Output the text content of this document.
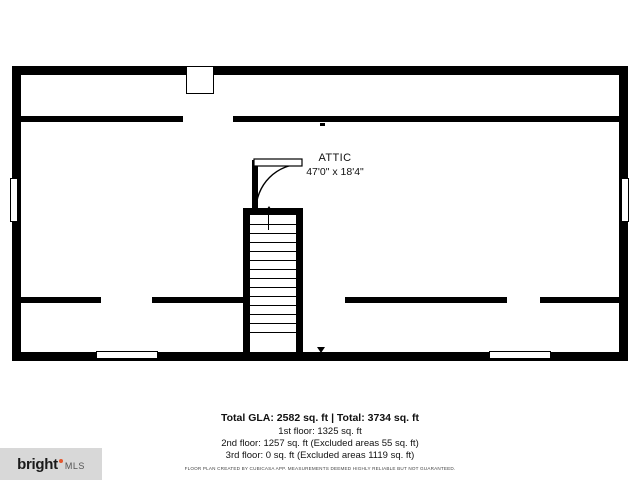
ATTIC
47'0" x 18'4"
Total GLA: 2582 sq. ft | Total: 3734 sq. ft
1st floor: 1325 sq. ft
2nd floor: 1257 sq. ft (Excluded areas 55 sq. ft)
3rd floor: 0 sq. ft (Excluded areas 1119 sq. ft)
FLOOR PLAN CREATED BY CUBICASA APP. MEASUREMENTS DEEMED HIGHLY RELIABLE BUT NOT GUARANTEED.
bright MLS
